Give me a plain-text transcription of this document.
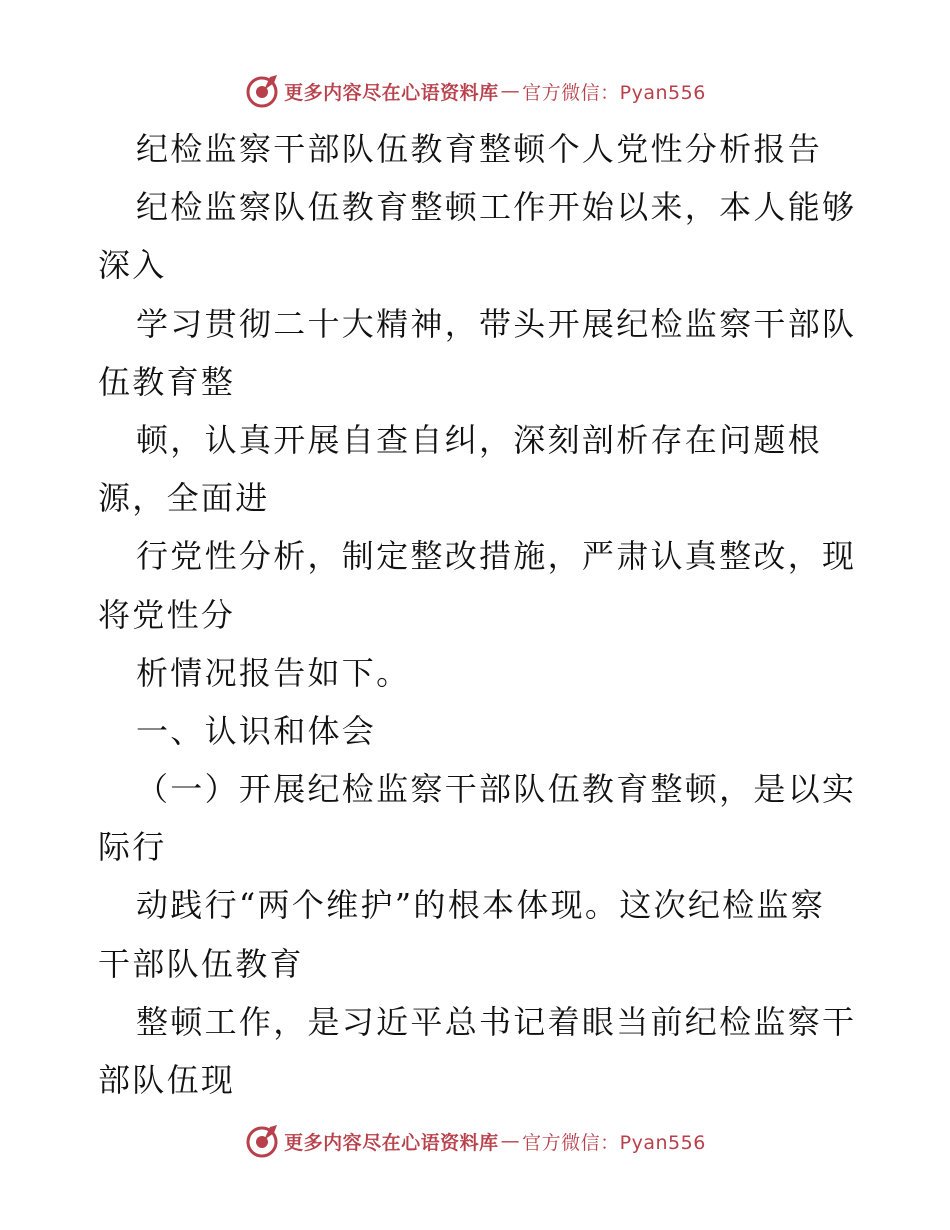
更多内容尽在心语资料库 — 官方微信：Pyan556
纪检监察干部队伍教育整顿个人党性分析报告
纪检监察队伍教育整顿工作开始以来，本人能够
深入
学习贯彻二十大精神，带头开展纪检监察干部队
伍教育整
顿，认真开展自查自纠，深刻剖析存在问题根
源，全面进
行党性分析，制定整改措施，严肃认真整改，现
将党性分
析情况报告如下。
一、认识和体会
（一）开展纪检监察干部队伍教育整顿，是以实
际行
动践行“两个维护”的根本体现。这次纪检监察
干部队伍教育
整顿工作，是习近平总书记着眼当前纪检监察干
部队伍现
更多内容尽在心语资料库 — 官方微信：Pyan556
